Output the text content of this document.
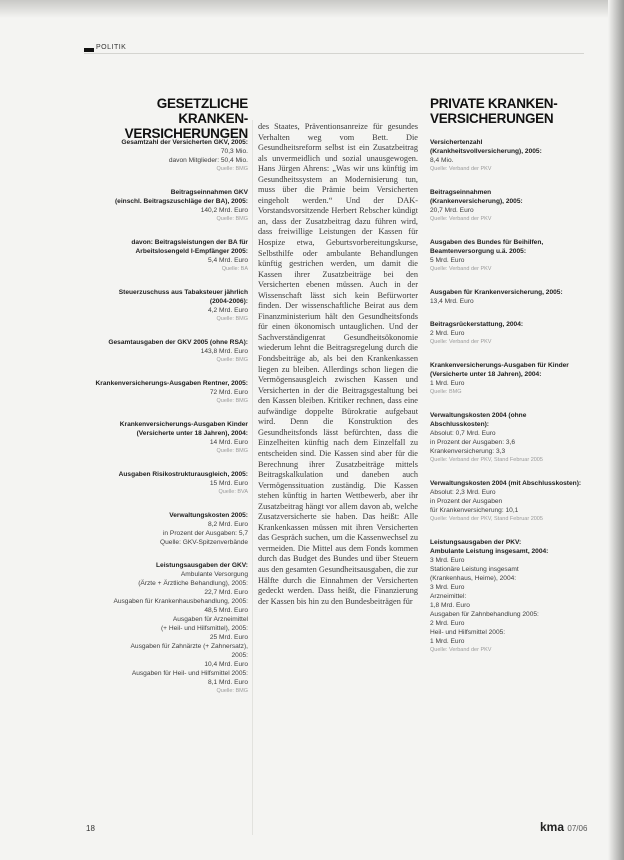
POLITIK
GESETZLICHE KRANKEN-
VERSICHERUNGEN
PRIVATE KRANKEN-
VERSICHERUNGEN
Gesamtzahl der Versicherten GKV, 2005:
70,3 Mio.
davon Mitglieder: 50,4 Mio.
Quelle: BMG
Beitragseinnahmen GKV
(einschl. Beitragszuschläge der BA), 2005:
140,2 Mrd. Euro
Quelle: BMG
davon: Beitragsleistungen der BA für
Arbeitslosengeld I-Empfänger 2005:
5,4 Mrd. Euro
Quelle: BA
Steuerzuschuss aus Tabaksteuer jährlich
(2004-2006):
4,2 Mrd. Euro
Quelle: BMG
Gesamtausgaben der GKV 2005 (ohne RSA):
143,8 Mrd. Euro
Quelle: BMG
Krankenversicherungs-Ausgaben Rentner, 2005:
72 Mrd. Euro
Quelle: BMG
Krankenversicherungs-Ausgaben Kinder
(Versicherte unter 18 Jahren), 2004:
14 Mrd. Euro
Quelle: BMG
Ausgaben Risikostrukturausgleich, 2005:
15 Mrd. Euro
Quelle: BVA
Verwaltungskosten 2005:
8,2 Mrd. Euro
in Prozent der Ausgaben: 5,7
Quelle: GKV-Spitzenverbände
Leistungsausgaben der GKV:
Ambulante Versorgung
(Ärzte + Ärztliche Behandlung), 2005:
22,7 Mrd. Euro
Ausgaben für Krankenhausbehandlung, 2005:
48,5 Mrd. Euro
Ausgaben für Arzneimittel
(+ Heil- und Hilfsmittel), 2005:
25 Mrd. Euro
Ausgaben für Zahnärzte (+ Zahnersatz),
2005:
10,4 Mrd. Euro
Ausgaben für Heil- und Hilfsmittel 2005:
8,1 Mrd. Euro
Quelle: BMG

des Staates, Präventionsanreize für gesundes Verhalten weg vom Bett. Die Gesundheitsreform selbst ist ein Zusatzbeitrag als unvermeidlich und sozial unausgewogen. Hans Jürgen Ahrens: „Was wir uns künftig im Gesundheitssystem an Modernisierung tun, muss über die Prämie beim Versicherten eingeholt werden.“ Und der DAK-Vorstandsvorsitzende Herbert Rebscher kündigt an, dass der Zusatzbeitrag dazu führen wird, dass freiwillige Leistungen der Kassen für Hospize etwa, Geburtsvorbereitungskurse, Selbsthilfe oder ambulante Behandlungen künftig gestrichen werden, um damit die Kassen ihrer Zusatzbeiträge bei den Versicherten ebenen müssen. Auch in der Wissenschaft lässt sich kein Befürworter finden. Der wissenschaftliche Beirat aus dem Finanzministerium hält den Gesundheitsfonds für einen ökonomisch untauglichen. Und der Sachverständigenrat Gesundheitsökonomie wiederum lehnt die Beitragsregelung durch die Fondsbeiträge ab, als bei den Krankenkassen liegen zu bleiben. Allerdings schon liegen die Vermögensausgleich zwischen Kassen und Versicherten in der die Beitragsgestaltung bei den Kassen bleiben. Kritiker rechnen, dass eine aufwändige doppelte Bürokratie aufgebaut wird. Denn die Konstruktion des Gesundheitsfonds lässt befürchten, dass die Einzelheiten künftig nach dem Einzelfall zu entscheiden sind. Die Kassen sind aber für die Berechnung ihrer Zusatzbeiträge mittels Beitragskalkulation und daneben auch Vermögenssituation zuständig. Die Kassen stehen künftig in harten Wettbewerb, aber ihr Zusatzbeitrag hängt vor allem davon ab, welche Zusatzversicherte sie haben. Das heißt: Alle Krankenkassen müssen mit ihren Versicherten das Gespräch suchen, um die Kassenwechsel zu vermeiden. Die Mittel aus dem Fonds kommen durch das Budget des Bundes und über Steuern aus den gesamten Gesundheitsausgaben, die zur Hälfte durch die Einnahmen der Versicherten gedeckt werden. Dass heißt, die Finanzierung der Kassen bis hin zu den Bundesbeiträgen für

Versichertenzahl
(Krankheitsvollversicherung), 2005:
8,4 Mio.
Quelle: Verband der PKV
Beitragseinnahmen
(Krankenversicherung), 2005:
20,7 Mrd. Euro
Quelle: Verband der PKV
Ausgaben des Bundes für Beihilfen,
Beamtenversorgung u.ä. 2005:
5 Mrd. Euro
Quelle: Verband der PKV
Ausgaben für Krankenversicherung, 2005:
13,4 Mrd. Euro
Beitragsrückerstattung, 2004:
2 Mrd. Euro
Quelle: Verband der PKV
Krankenversicherungs-Ausgaben für Kinder
(Versicherte unter 18 Jahren), 2004:
1 Mrd. Euro
Quelle: BMG
Verwaltungskosten 2004 (ohne Abschlusskosten):
Absolut: 0,7 Mrd. Euro
in Prozent der Ausgaben: 3,6
Krankenversicherung: 3,3
Quelle: Verband der PKV, Stand Februar 2005
Verwaltungskosten 2004 (mit Abschlusskosten):
Absolut: 2,3 Mrd. Euro
in Prozent der Ausgaben
für Krankenversicherung: 10,1
Quelle: Verband der PKV, Stand Februar 2005
Leistungsausgaben der PKV:
Ambulante Leistung insgesamt, 2004:
3 Mrd. Euro
Stationäre Leistung insgesamt
(Krankenhaus, Heime), 2004:
3 Mrd. Euro
Arzneimittel:
1,8 Mrd. Euro
Ausgaben für Zahnbehandlung 2005:
2 Mrd. Euro
Heil- und Hilfsmittel 2005:
1 Mrd. Euro
Quelle: Verband der PKV
18	kma 07/06
